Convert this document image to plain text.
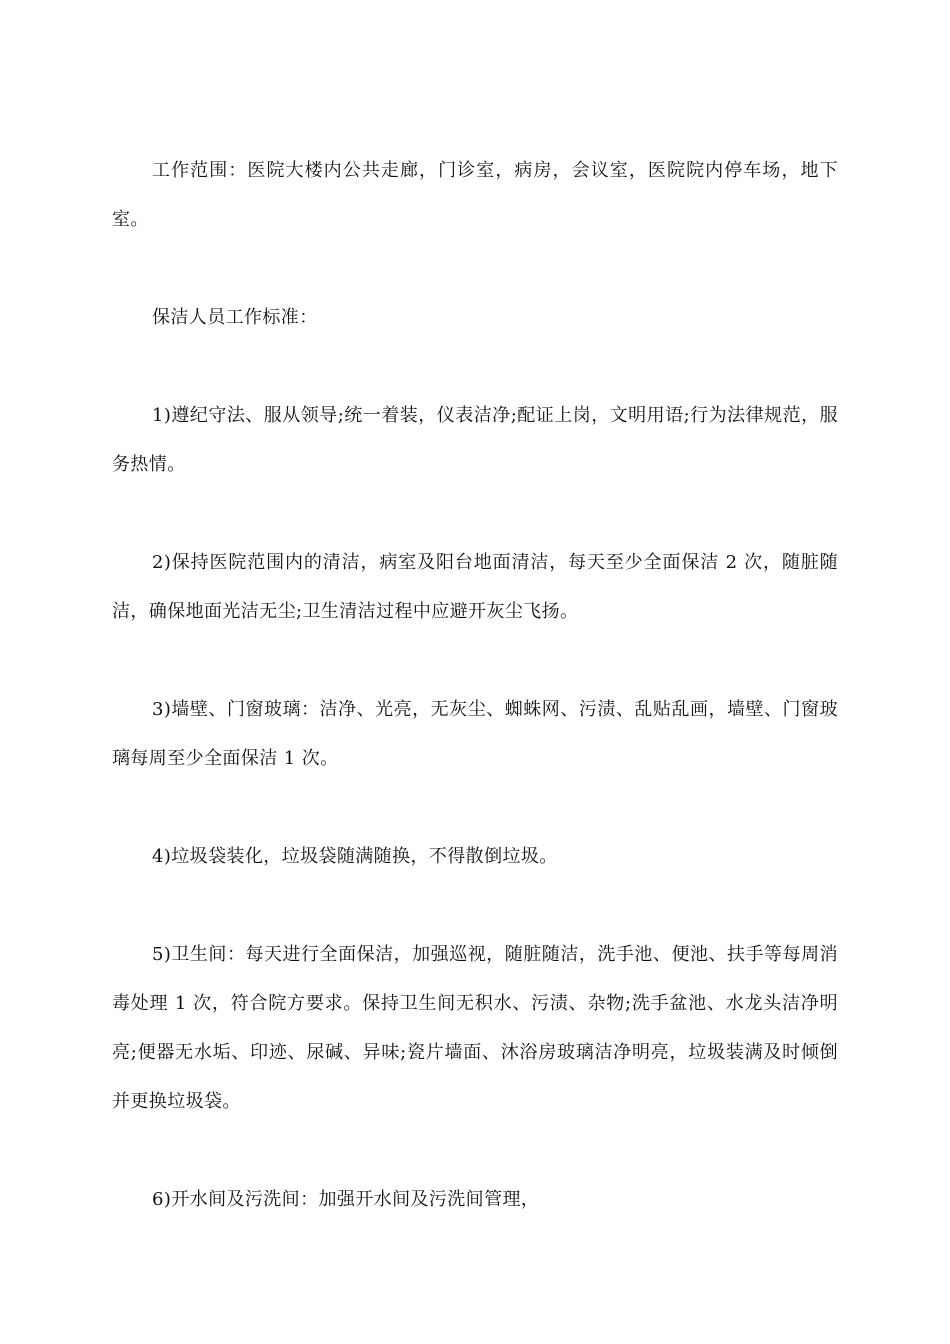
工作范围：医院大楼内公共走廊，门诊室，病房，会议室，医院院内停车场，地下室。

保洁人员工作标准：

1)遵纪守法、服从领导;统一着装，仪表洁净;配证上岗，文明用语;行为法律规范，服务热情。

2)保持医院范围内的清洁，病室及阳台地面清洁，每天至少全面保洁 2 次，随脏随洁，确保地面光洁无尘;卫生清洁过程中应避开灰尘飞扬。

3)墙壁、门窗玻璃：洁净、光亮，无灰尘、蜘蛛网、污渍、乱贴乱画，墙壁、门窗玻璃每周至少全面保洁 1 次。

4)垃圾袋装化，垃圾袋随满随换，不得散倒垃圾。

5)卫生间：每天进行全面保洁，加强巡视，随脏随洁，洗手池、便池、扶手等每周消毒处理 1 次，符合院方要求。保持卫生间无积水、污渍、杂物;洗手盆池、水龙头洁净明亮;便器无水垢、印迹、尿碱、异味;瓷片墙面、沐浴房玻璃洁净明亮，垃圾装满及时倾倒并更换垃圾袋。

6)开水间及污洗间：加强开水间及污洗间管理，
